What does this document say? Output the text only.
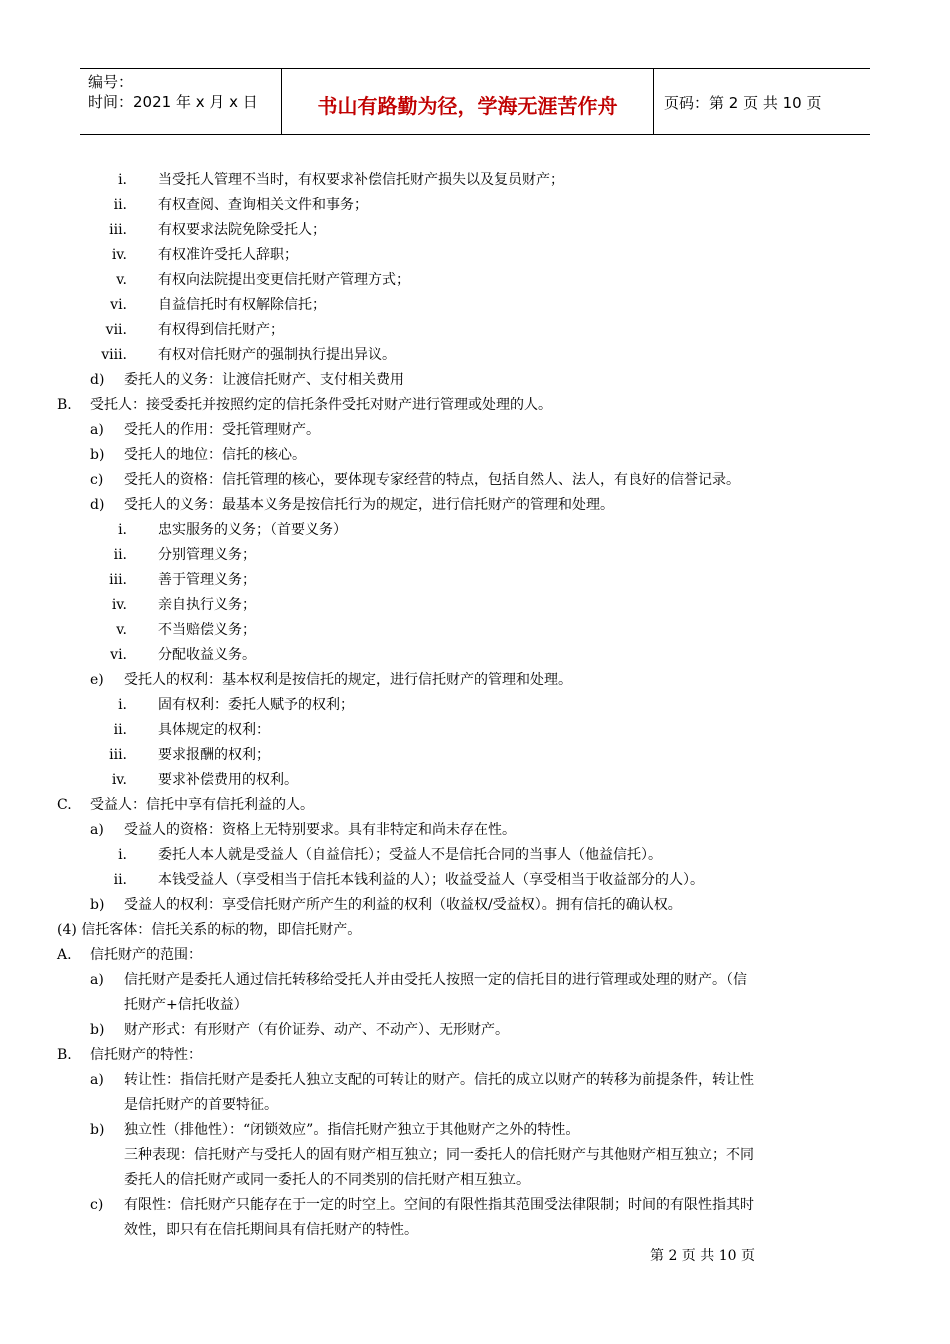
编号：
时间：2021 年 x 月 x 日	书山有路勤为径，学海无涯苦作舟	页码：第 2 页 共 10 页
i. 当受托人管理不当时，有权要求补偿信托财产损失以及复员财产；
ii. 有权查阅、查询相关文件和事务；
iii. 有权要求法院免除受托人；
iv. 有权准许受托人辞职；
v. 有权向法院提出变更信托财产管理方式；
vi. 自益信托时有权解除信托；
vii. 有权得到信托财产；
viii. 有权对信托财产的强制执行提出异议。
d) 委托人的义务：让渡信托财产、支付相关费用
B. 受托人：接受委托并按照约定的信托条件受托对财产进行管理或处理的人。
a) 受托人的作用：受托管理财产。
b) 受托人的地位：信托的核心。
c) 受托人的资格：信托管理的核心，要体现专家经营的特点，包括自然人、法人，有良好的信誉记录。
d) 受托人的义务：最基本义务是按信托行为的规定，进行信托财产的管理和处理。
i. 忠实服务的义务；（首要义务）
ii. 分别管理义务；
iii. 善于管理义务；
iv. 亲自执行义务；
v. 不当赔偿义务；
vi. 分配收益义务。
e) 受托人的权利：基本权利是按信托的规定，进行信托财产的管理和处理。
i. 固有权利：委托人赋予的权利；
ii. 具体规定的权利：
iii. 要求报酬的权利；
iv. 要求补偿费用的权利。
C. 受益人：信托中享有信托利益的人。
a) 受益人的资格：资格上无特别要求。具有非特定和尚未存在性。
i. 委托人本人就是受益人（自益信托）；受益人不是信托合同的当事人（他益信托）。
ii. 本钱受益人（享受相当于信托本钱利益的人）；收益受益人（享受相当于收益部分的人）。
b) 受益人的权利：享受信托财产所产生的利益的权利（收益权/受益权）。拥有信托的确认权。
(4) 信托客体：信托关系的标的物，即信托财产。
A. 信托财产的范围：
a) 信托财产是委托人通过信托转移给受托人并由受托人按照一定的信托目的进行管理或处理的财产。（信
托财产+信托收益）
b) 财产形式：有形财产（有价证券、动产、不动产）、无形财产。
B. 信托财产的特性：
a) 转让性：指信托财产是委托人独立支配的可转让的财产。信托的成立以财产的转移为前提条件，转让性
是信托财产的首要特征。
b) 独立性（排他性）：“闭锁效应”。指信托财产独立于其他财产之外的特性。
三种表现：信托财产与受托人的固有财产相互独立；同一委托人的信托财产与其他财产相互独立；不同
委托人的信托财产或同一委托人的不同类别的信托财产相互独立。
c) 有限性：信托财产只能存在于一定的时空上。空间的有限性指其范围受法律限制；时间的有限性指其时
效性，即只有在信托期间具有信托财产的特性。
第 2 页 共 10 页
